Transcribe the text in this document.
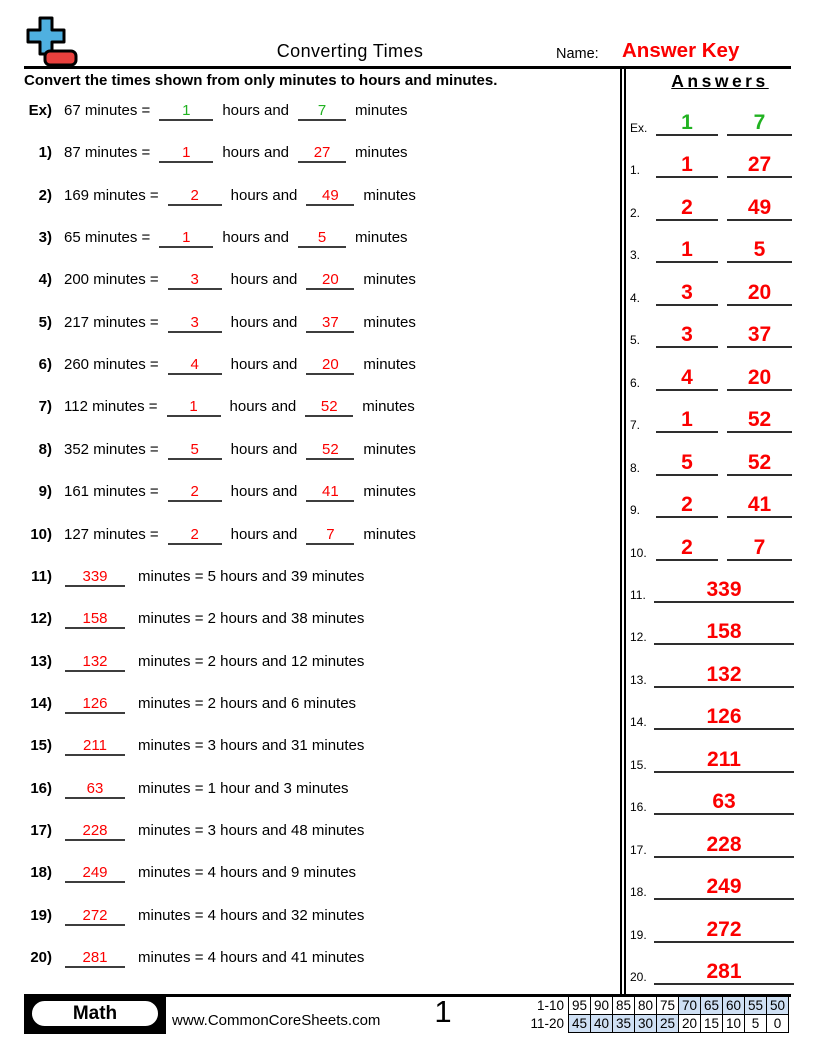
Converting Times	Name: Answer Key
Convert the times shown from only minutes to hours and minutes.	Answers
Ex. 1	7
1. 1	27
2. 2	49
3. 1	5
4. 3	20
5. 3	37
6. 4	20
7. 1	52
8. 5	52
9. 2	41
10. 2	7
11.	339
12.	158
13.	132
14.	126
15.	211
16.	63
17.	228
18.	249
19.	272
20.	281
Ex) 67 minutes = 1 hours and 7 minutes
1) 87 minutes = 1 hours and 27 minutes
2) 169 minutes = 2 hours and 49 minutes
3) 65 minutes = 1 hours and 5 minutes
4) 200 minutes = 3 hours and 20 minutes
5) 217 minutes = 3 hours and 37 minutes
6) 260 minutes = 4 hours and 20 minutes
7) 112 minutes = 1 hours and 52 minutes
8) 352 minutes = 5 hours and 52 minutes
9) 161 minutes = 2 hours and 41 minutes
10) 127 minutes = 2 hours and 7 minutes
11) 339 minutes = 5 hours and 39 minutes
12) 158 minutes = 2 hours and 38 minutes
13) 132 minutes = 2 hours and 12 minutes
14) 126 minutes = 2 hours and 6 minutes
15) 211 minutes = 3 hours and 31 minutes
16) 63 minutes = 1 hour and 3 minutes
17) 228 minutes = 3 hours and 48 minutes
18) 249 minutes = 4 hours and 9 minutes
19) 272 minutes = 4 hours and 32 minutes
20) 281 minutes = 4 hours and 41 minutes
Math	www.CommonCoreSheets.com	1	1-10	95	90	85	80	75	70	65	60	55	50
11-20	45	40	35	30	25	20	15	10	5	0
